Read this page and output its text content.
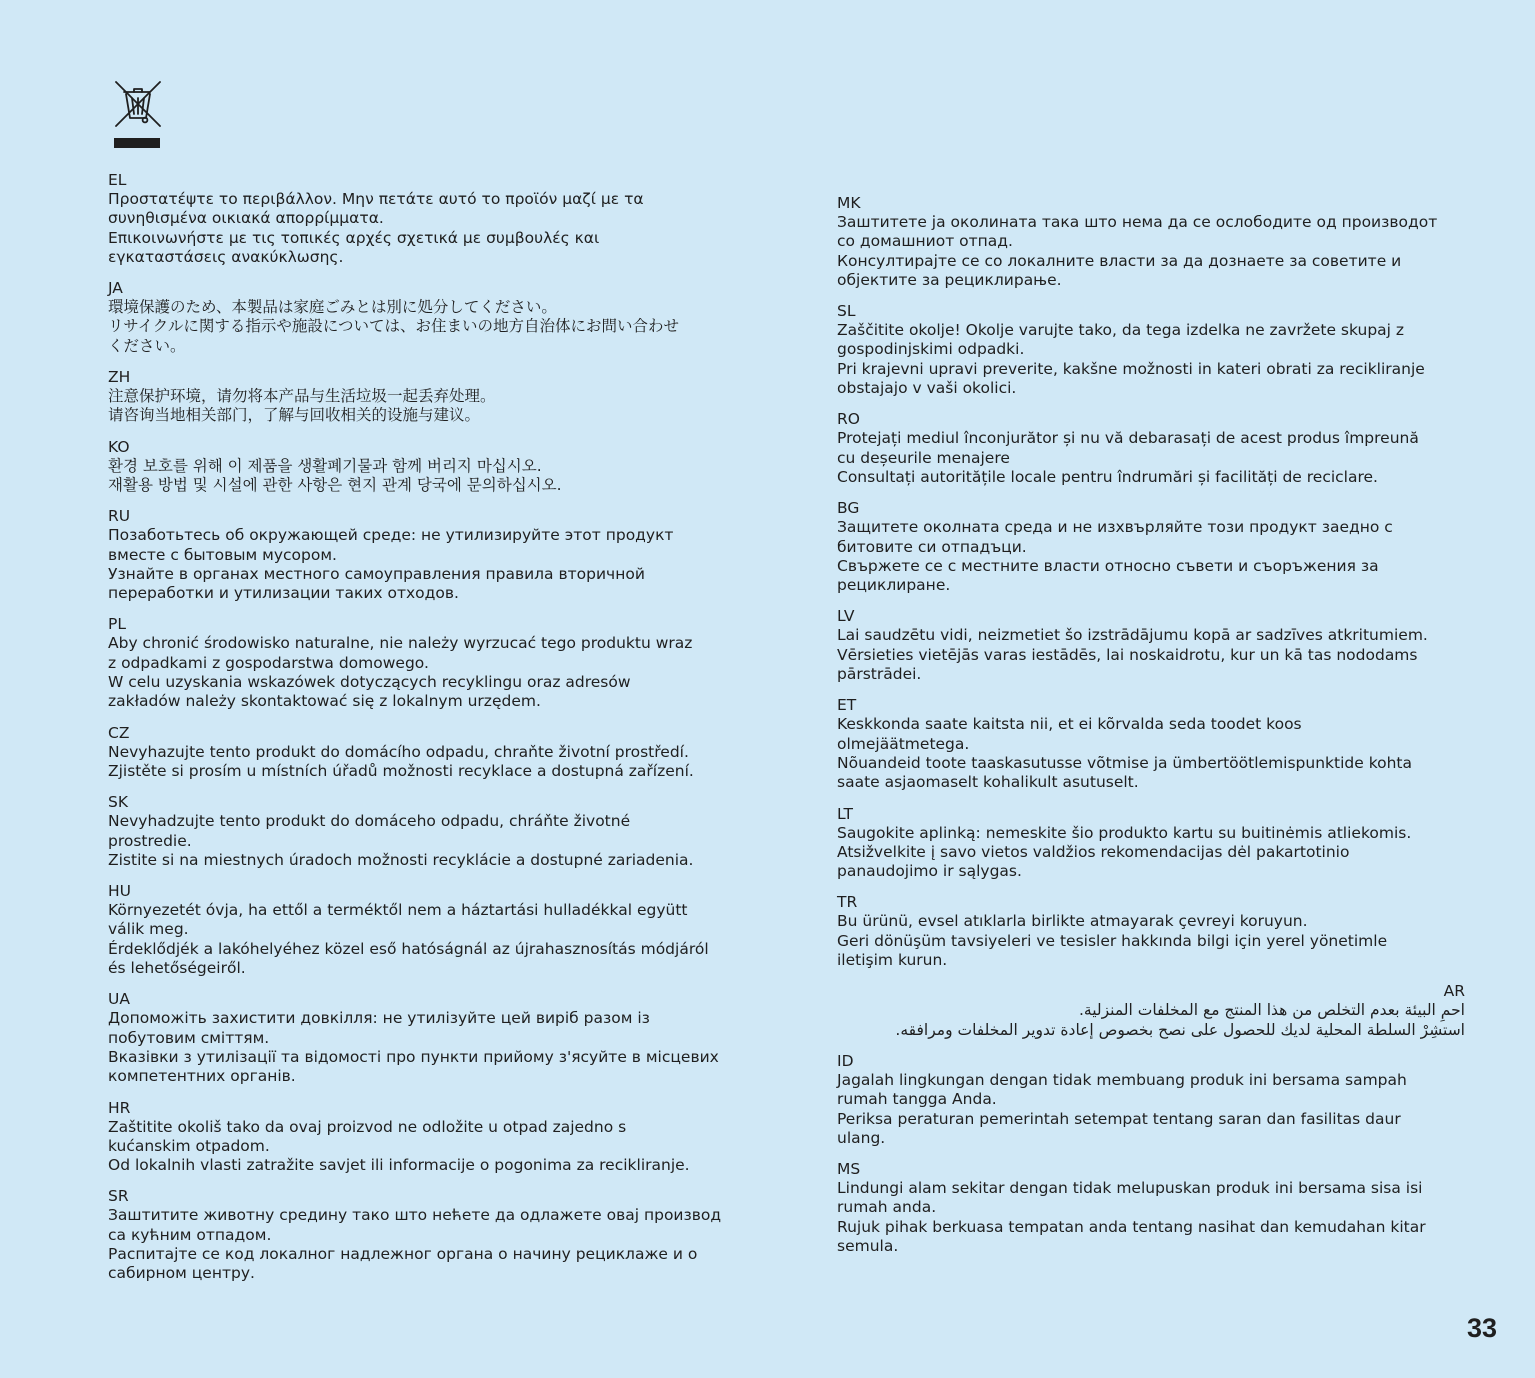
EL
Προστατέψτε το περιβάλλον. Μην πετάτε αυτό το προϊόν μαζί με τα
συνηθισμένα οικιακά απορρίμματα.
Επικοινωνήστε με τις τοπικές αρχές σχετικά με συμβουλές και
εγκαταστάσεις ανακύκλωσης.
JA
環境保護のため、本製品は家庭ごみとは別に処分してください。
リサイクルに関する指示や施設については、お住まいの地方自治体にお問い合わせ
ください。
ZH
注意保护环境，请勿将本产品与生活垃圾一起丢弃处理。
请咨询当地相关部门，了解与回收相关的设施与建议。
KO
환경 보호를 위해 이 제품을 생활폐기물과 함께 버리지 마십시오.
재활용 방법 및 시설에 관한 사항은 현지 관계 당국에 문의하십시오.
RU
Позаботьтесь об окружающей среде: не утилизируйте этот продукт
вместе с бытовым мусором.
Узнайте в органах местного самоуправления правила вторичной
переработки и утилизации таких отходов.
PL
Aby chronić środowisko naturalne, nie należy wyrzucać tego produktu wraz
z odpadkami z gospodarstwa domowego.
W celu uzyskania wskazówek dotyczących recyklingu oraz adresów
zakładów należy skontaktować się z lokalnym urzędem.
CZ
Nevyhazujte tento produkt do domácího odpadu, chraňte životní prostředí.
Zjistěte si prosím u místních úřadů možnosti recyklace a dostupná zařízení.
SK
Nevyhadzujte tento produkt do domáceho odpadu, chráňte životné
prostredie.
Zistite si na miestnych úradoch možnosti recyklácie a dostupné zariadenia.
HU
Környezetét óvja, ha ettől a terméktől nem a háztartási hulladékkal együtt
válik meg.
Érdeklődjék a lakóhelyéhez közel eső hatóságnál az újrahasznosítás módjáról
és lehetőségeiről.
UA
Допоможіть захистити довкілля: не утилізуйте цей виріб разом із
побутовим сміттям.
Вказівки з утилізації та відомості про пункти прийому з'ясуйте в місцевих
компетентних органів.
HR
Zaštitite okoliš tako da ovaj proizvod ne odložite u otpad zajedno s
kućanskim otpadom.
Od lokalnih vlasti zatražite savjet ili informacije o pogonima za recikliranje.
SR
Заштитите животну средину тако што нећете да одлажете овај производ
са кућним отпадом.
Распитајте се код локалног надлежног органа о начину рециклаже и о
сабирном центру.
MK
Заштитете ја околината така што нема да се ослободите од производот
со домашниот отпад.
Консултирајте се со локалните власти за да дознаете за советите и
објектите за рециклирање.
SL
Zaščitite okolje! Okolje varujte tako, da tega izdelka ne zavržete skupaj z
gospodinjskimi odpadki.
Pri krajevni upravi preverite, kakšne možnosti in kateri obrati za recikliranje
obstajajo v vaši okolici.
RO
Protejați mediul înconjurător și nu vă debarasați de acest produs împreună
cu deșeurile menajere
Consultați autoritățile locale pentru îndrumări și facilități de reciclare.
BG
Защитете околната среда и не изхвърляйте този продукт заедно с
битовите си отпадъци.
Свържете се с местните власти относно съвети и съоръжения за
рециклиране.
LV
Lai saudzētu vidi, neizmetiet šo izstrādājumu kopā ar sadzīves atkritumiem.
Vērsieties vietējās varas iestādēs, lai noskaidrotu, kur un kā tas nododams
pārstrādei.
ET
Keskkonda saate kaitsta nii, et ei kõrvalda seda toodet koos
olmejäätmetega.
Nõuandeid toote taaskasutusse võtmise ja ümbertöötlemispunktide kohta
saate asjaomaselt kohalikult asutuselt.
LT
Saugokite aplinką: nemeskite šio produkto kartu su buitinėmis atliekomis.
Atsižvelkite į savo vietos valdžios rekomendacijas dėl pakartotinio
panaudojimo ir sąlygas.
TR
Bu ürünü, evsel atıklarla birlikte atmayarak çevreyi koruyun.
Geri dönüşüm tavsiyeleri ve tesisler hakkında bilgi için yerel yönetimle
iletişim kurun.
AR
احمِ البيئة بعدم التخلص من هذا المنتج مع المخلفات المنزلية.
استشِرْ السلطة المحلية لديك للحصول على نصح بخصوص إعادة تدوير المخلفات ومرافقه.
ID
Jagalah lingkungan dengan tidak membuang produk ini bersama sampah
rumah tangga Anda.
Periksa peraturan pemerintah setempat tentang saran dan fasilitas daur
ulang.
MS
Lindungi alam sekitar dengan tidak melupuskan produk ini bersama sisa isi
rumah anda.
Rujuk pihak berkuasa tempatan anda tentang nasihat dan kemudahan kitar
semula.
33
